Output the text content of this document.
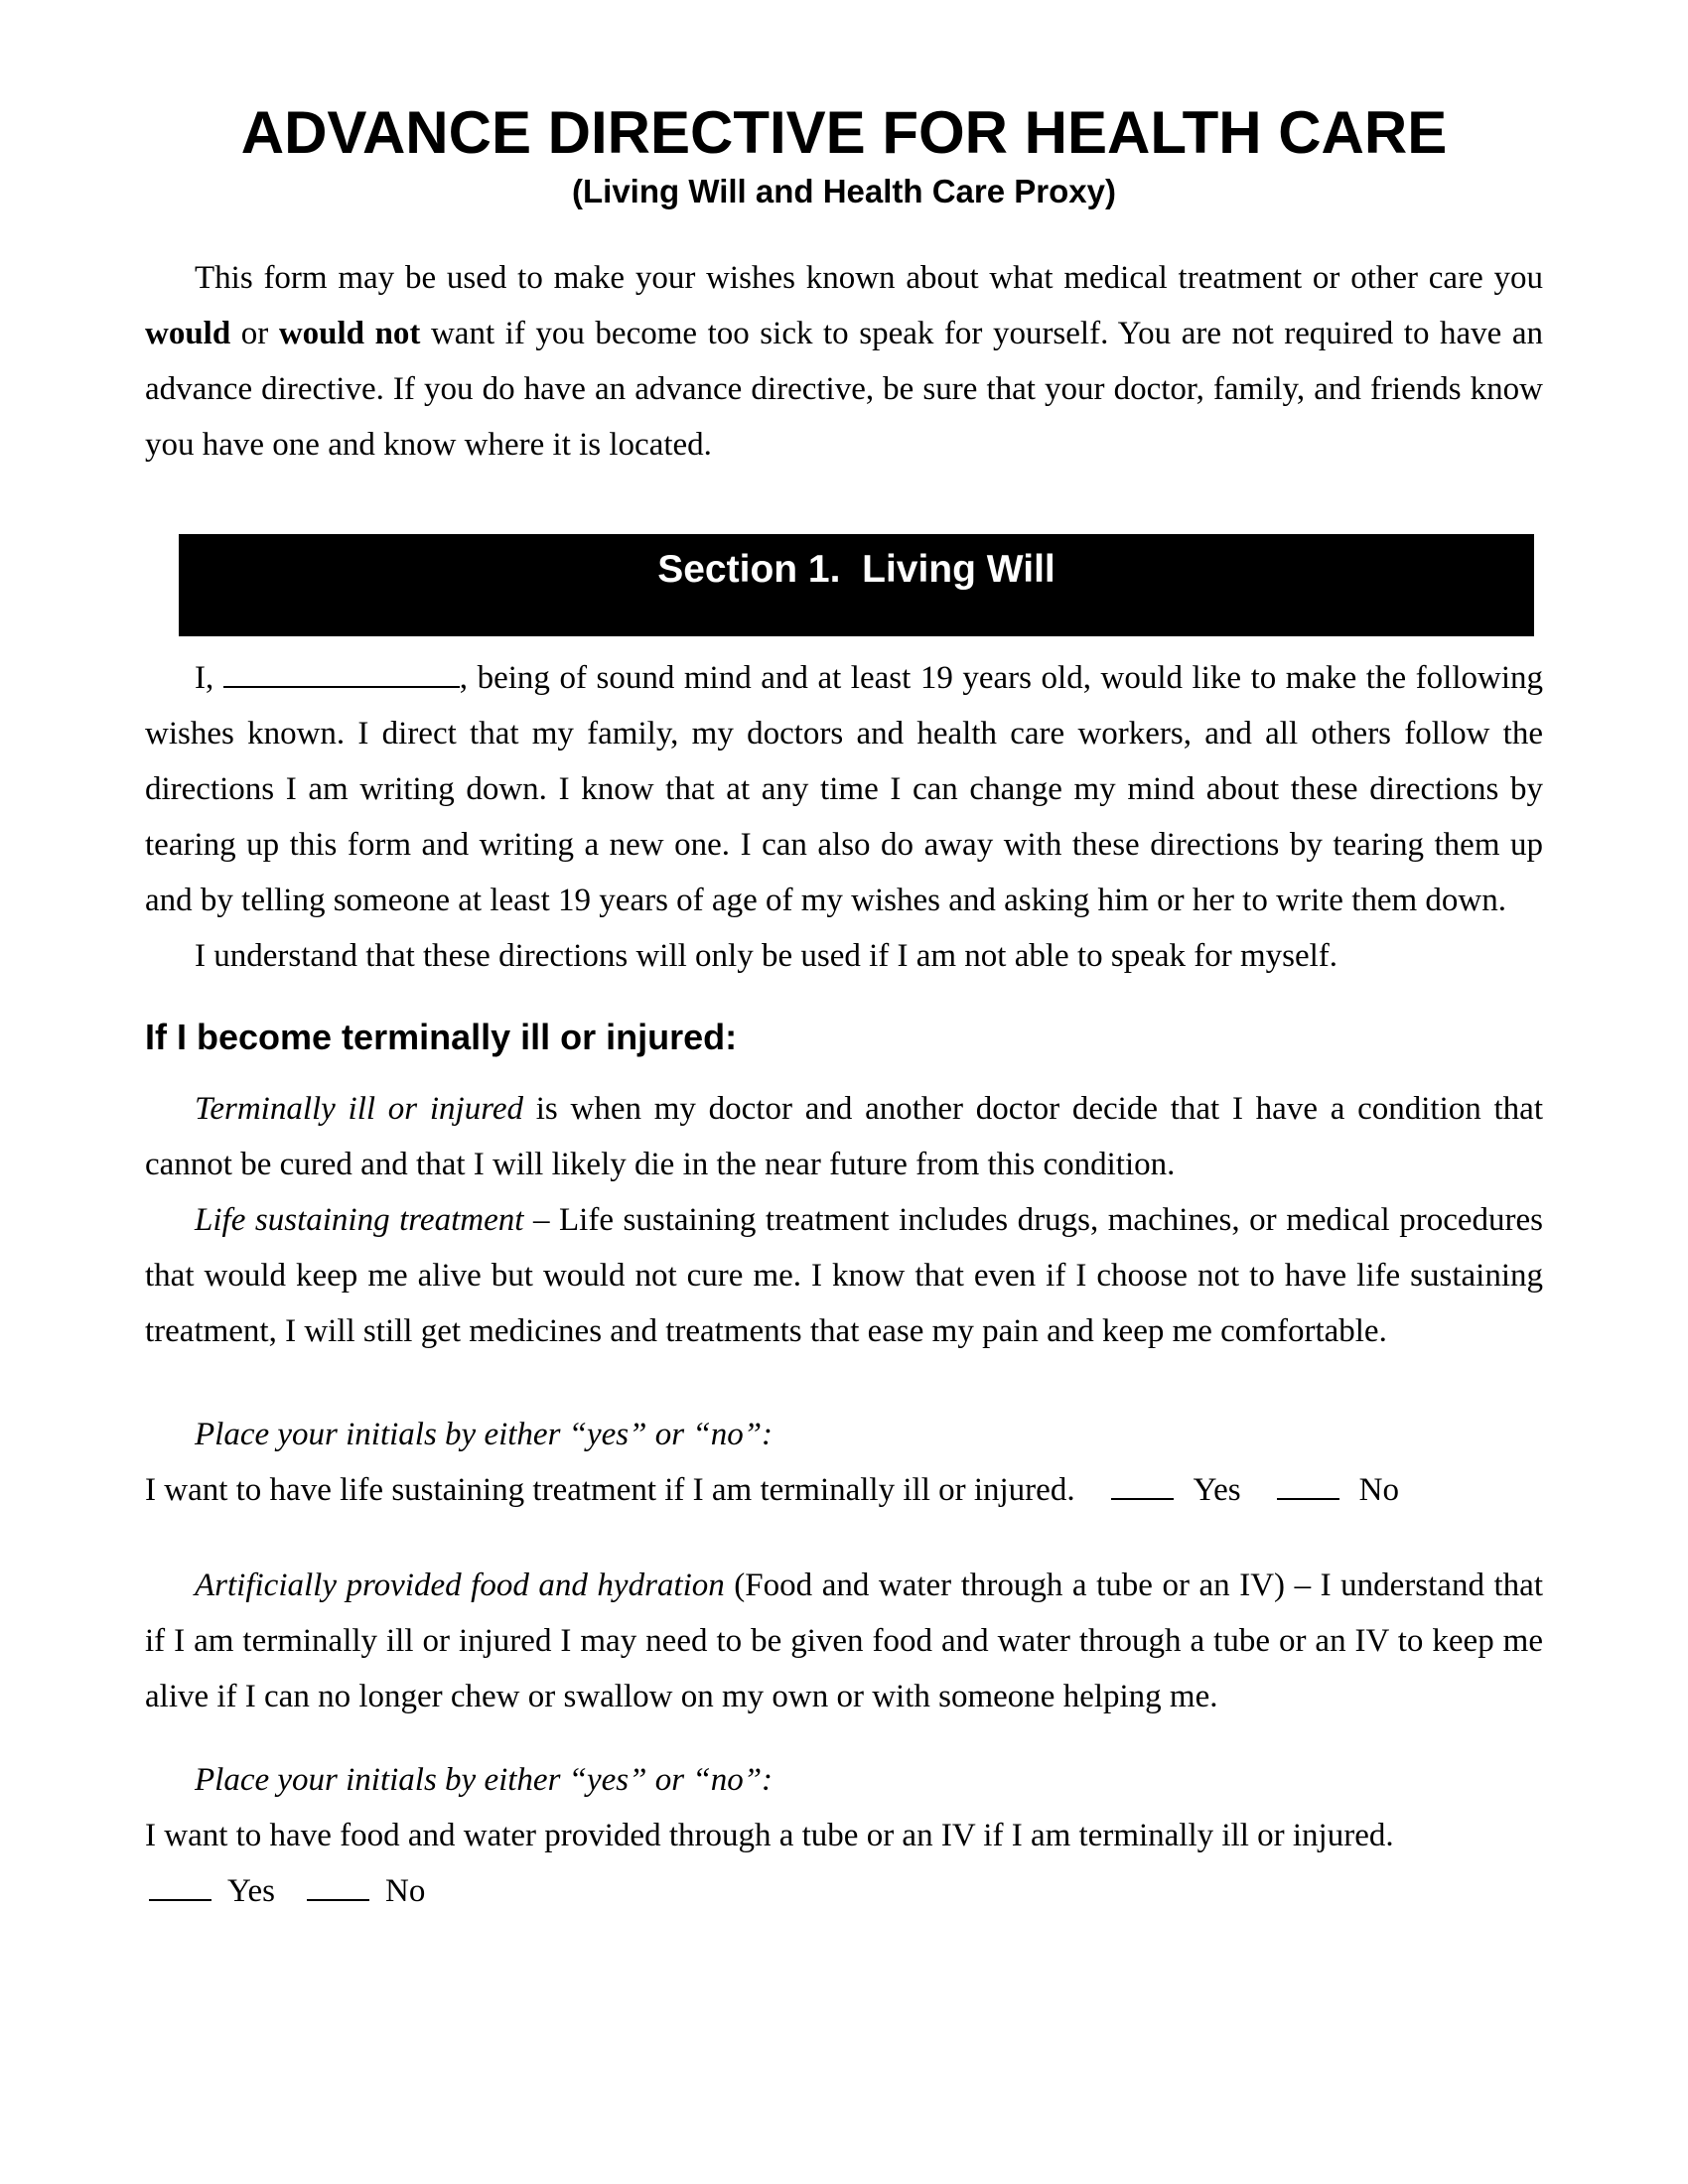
ADVANCE DIRECTIVE FOR HEALTH CARE
(Living Will and Health Care Proxy)

This form may be used to make your wishes known about what medical treatment or other care you would or would not want if you become too sick to speak for yourself. You are not required to have an advance directive. If you do have an advance directive, be sure that your doctor, family, and friends know you have one and know where it is located.

Section 1.  Living Will

I,	, being of sound mind and at least 19 years old, would like to make the following wishes known. I direct that my family, my doctors and health care workers, and all others follow the directions I am writing down. I know that at any time I can change my mind about these directions by tearing up this form and writing a new one. I can also do away with these directions by tearing them up and by telling someone at least 19 years of age of my wishes and asking him or her to write them down.

I understand that these directions will only be used if I am not able to speak for myself.

If I become terminally ill or injured:

Terminally ill or injured is when my doctor and another doctor decide that I have a condition that cannot be cured and that I will likely die in the near future from this condition.

Life sustaining treatment – Life sustaining treatment includes drugs, machines, or medical procedures that would keep me alive but would not cure me. I know that even if I choose not to have life sustaining treatment, I will still get medicines and treatments that ease my pain and keep me comfortable.

Place your initials by either “yes” or “no”:

I want to have life sustaining treatment if I am terminally ill or injured.	Yes	No

Artificially provided food and hydration (Food and water through a tube or an IV) – I understand that if I am terminally ill or injured I may need to be given food and water through a tube or an IV to keep me alive if I can no longer chew or swallow on my own or with someone helping me.

Place your initials by either “yes” or “no”:

I want to have food and water provided through a tube or an IV if I am terminally ill or injured.

Yes	No
